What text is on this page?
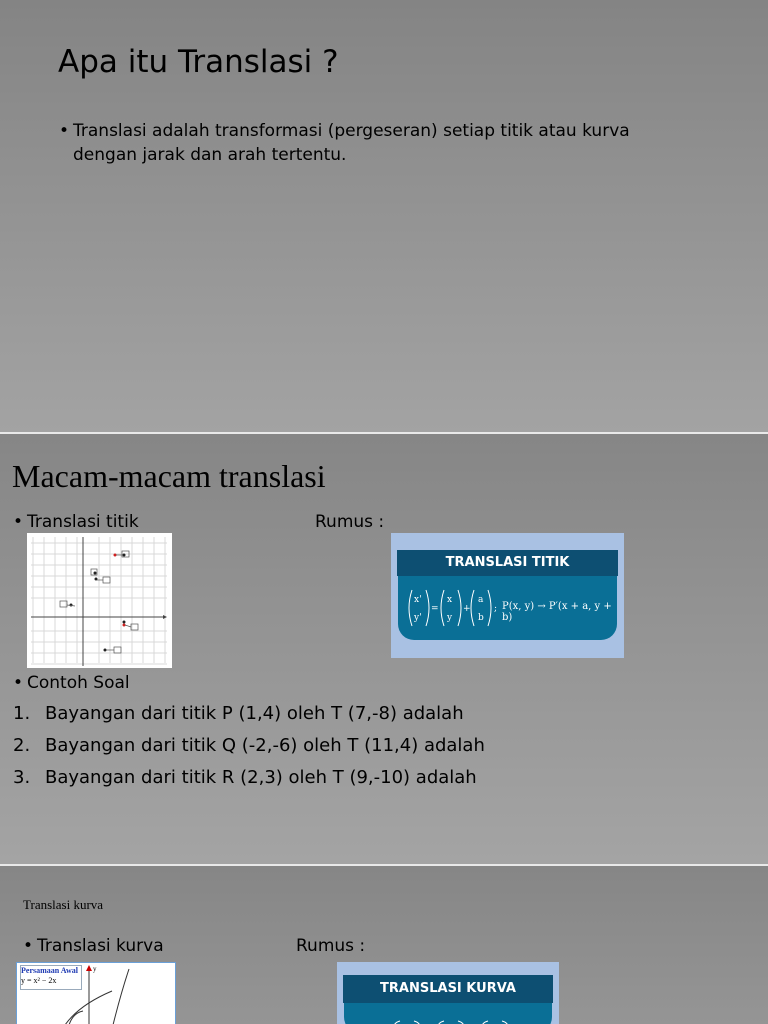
Apa itu Translasi ?
• Translasi adalah transformasi (pergeseran) setiap titik atau kurva dengan jarak dan arah tertentu.
Macam-macam translasi
• Translasi titik	Rumus :
TRANSLASI TITIK
x'
y'
=
x
y
+
a
b
; P(x, y) → P′(x + a, y + b)
• Contoh Soal
1. Bayangan dari titik P (1,4) oleh T (7,-8) adalah
2. Bayangan dari titik Q (-2,-6) oleh T (11,4) adalah
3. Bayangan dari titik R (2,3) oleh T (9,-10) adalah
Translasi kurva
• Translasi kurva	Rumus :
Persamaan Awal
y = x² − 2x
y
TRANSLASI KURVA
